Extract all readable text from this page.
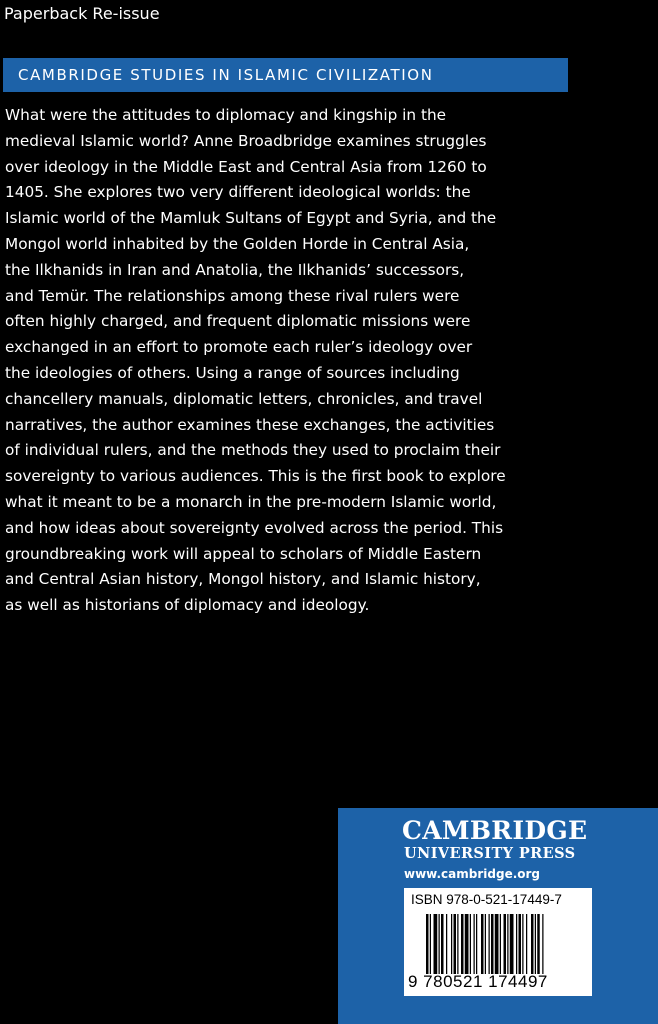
Paperback Re-issue
CAMBRIDGE STUDIES IN ISLAMIC CIVILIZATION
What were the attitudes to diplomacy and kingship in the
medieval Islamic world? Anne Broadbridge examines struggles
over ideology in the Middle East and Central Asia from 1260 to
1405. She explores two very different ideological worlds: the
Islamic world of the Mamluk Sultans of Egypt and Syria, and the
Mongol world inhabited by the Golden Horde in Central Asia,
the Ilkhanids in Iran and Anatolia, the Ilkhanids’ successors,
and Temür. The relationships among these rival rulers were
often highly charged, and frequent diplomatic missions were
exchanged in an effort to promote each ruler’s ideology over
the ideologies of others. Using a range of sources including
chancellery manuals, diplomatic letters, chronicles, and travel
narratives, the author examines these exchanges, the activities
of individual rulers, and the methods they used to proclaim their
sovereignty to various audiences. This is the first book to explore
what it meant to be a monarch in the pre-modern Islamic world,
and how ideas about sovereignty evolved across the period. This
groundbreaking work will appeal to scholars of Middle Eastern
and Central Asian history, Mongol history, and Islamic history,
as well as historians of diplomacy and ideology.
CAMBRIDGE
UNIVERSITY PRESS
www.cambridge.org
ISBN 978-0-521-17449-7
9 780521 174497
